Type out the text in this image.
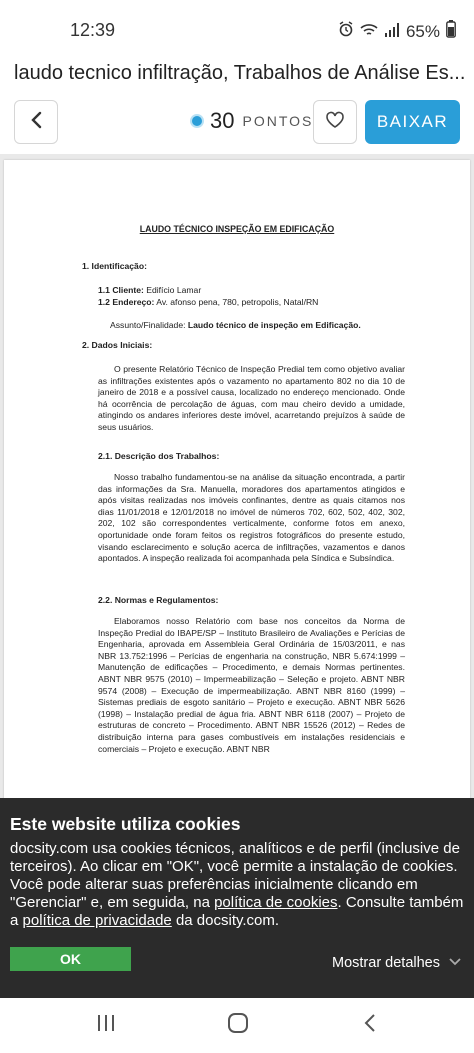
12:39	65%
laudo tecnico infiltração, Trabalhos de Análise Es...
30 PONTOS	BAIXAR
LAUDO TÉCNICO INSPEÇÃO EM EDIFICAÇÃO
1. Identificação:
1.1 Cliente: Edifício Lamar
1.2 Endereço: Av. afonso pena, 780, petropolis, Natal/RN
Assunto/Finalidade: Laudo técnico de inspeção em Edificação.
2. Dados Iniciais:
O presente Relatório Técnico de Inspeção Predial tem como objetivo avaliar as infiltrações existentes após o vazamento no apartamento 802 no dia 10 de janeiro de 2018 e a possível causa, localizado no endereço mencionado. Onde há ocorrência de percolação de águas, com mau cheiro devido a umidade, atingindo os andares inferiores deste imóvel, acarretando prejuízos à saúde de seus usuários.
2.1. Descrição dos Trabalhos:
Nosso trabalho fundamentou-se na análise da situação encontrada, a partir das informações da Sra. Manuella, moradores dos apartamentos atingidos e após visitas realizadas nos imóveis confinantes, dentre as quais citamos nos dias 11/01/2018 e 12/01/2018 no imóvel de números 702, 602, 502, 402, 302, 202, 102 são correspondentes verticalmente, conforme fotos em anexo, oportunidade onde foram feitos os registros fotográficos do presente estudo, visando esclarecimento e solução acerca de infiltrações, vazamentos e danos apontados. A inspeção realizada foi acompanhada pela Síndica e Subsíndica.
2.2. Normas e Regulamentos:
Elaboramos nosso Relatório com base nos conceitos da Norma de Inspeção Predial do IBAPE/SP – Instituto Brasileiro de Avaliações e Perícias de Engenharia, aprovada em Assembleia Geral Ordinária de 15/03/2011, e nas NBR 13.752:1996 – Perícias de engenharia na construção, NBR 5.674:1999 – Manutenção de edificações – Procedimento, e demais Normas pertinentes. ABNT NBR 9575 (2010) – Impermeabilização – Seleção e projeto. ABNT NBR 9574 (2008) – Execução de impermeabilização. ABNT NBR 8160 (1999) – Sistemas prediais de esgoto sanitário – Projeto e execução. ABNT NBR 5626 (1998) – Instalação predial de água fria. ABNT NBR 6118 (2007) – Projeto de estruturas de concreto – Procedimento. ABNT NBR 15526 (2012) – Redes de distribuição interna para gases combustíveis em instalações residenciais e comerciais – Projeto e execução. ABNT NBR
Este website utiliza cookies
docsity.com usa cookies técnicos, analíticos e de perfil (inclusive de terceiros). Ao clicar em "OK", você permite a instalação de cookies. Você pode alterar suas preferências inicialmente clicando em "Gerenciar" e, em seguida, na política de cookies. Consulte também a política de privacidade da docsity.com.
OK	Mostrar detalhes
